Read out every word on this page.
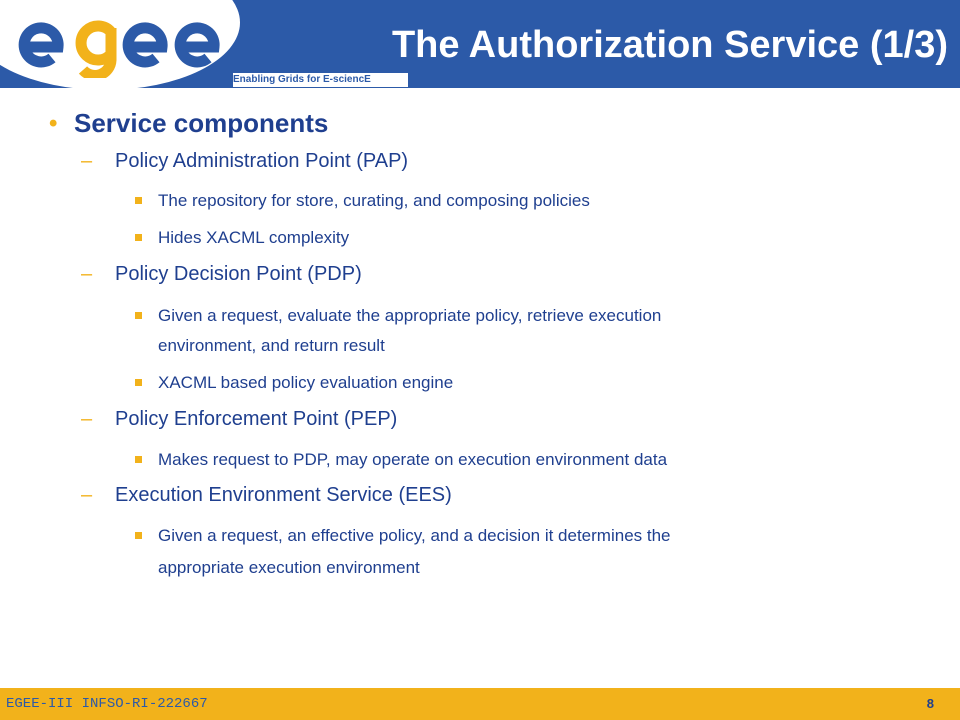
Enabling Grids for E-sciencE
The Authorization Service (1/3)
• Service components
– Policy Administration Point (PAP)
The repository for store, curating, and composing policies
Hides XACML complexity
– Policy Decision Point (PDP)
Given a request, evaluate the appropriate policy, retrieve execution
environment, and return result
XACML based policy evaluation engine
– Policy Enforcement Point (PEP)
Makes request to PDP, may operate on execution environment data
– Execution Environment Service (EES)
Given a request, an effective policy, and a decision it determines the
appropriate execution environment
EGEE-III INFSO-RI-222667	8
